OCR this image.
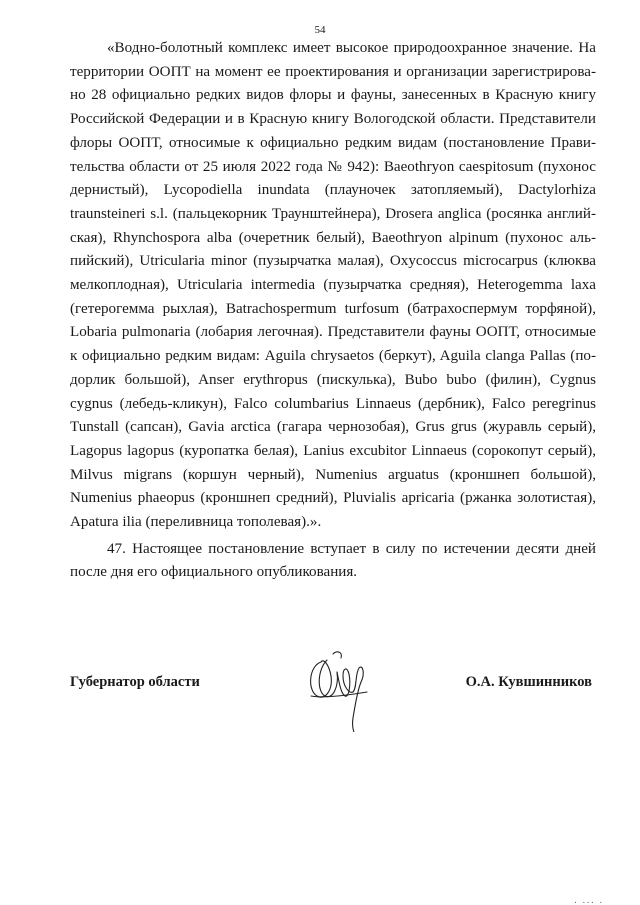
54

«Водно-болотный комплекс имеет высокое природоохранное значение. На территории ООПТ на момент ее проектирования и организации зарегистрировано 28 официально редких видов флоры и фауны, занесенных в Красную книгу Российской Федерации и в Красную книгу Вологодской области. Представители флоры ООПТ, относимые к официально редким видам (постановление Правительства области от 25 июля 2022 года № 942): Baeothryon caespitosum (пухонос дернистый), Lycopodiella inundata (плауночек затопляемый), Dactylorhiza traunsteineri s.l. (пальцекорник Траунштейнера), Drosera anglica (росянка английская), Rhynchospora alba (очеретник белый), Baeothryon alpinum (пухонос альпийский), Utricularia minor (пузырчатка малая), Oxycoccus microcarpus (клюква мелкоплодная), Utricularia intermedia (пузырчатка средняя), Heterogemma laxa (гетерогемма рыхлая), Batrachospermum turfosum (батрахоспермум торфяной), Lobaria pulmonaria (лобария легочная). Представители фауны ООПТ, относимые к официально редким видам: Aguila chrysaetos (беркут), Aguila clanga Pallas (подорлик большой), Anser erythropus (пискулька), Bubo bubo (филин), Cygnus cygnus (лебедь-кликун), Falco columbarius Linnaeus (дербник), Falco peregrinus Tunstall (сапсан), Gavia arctica (гагара чернозобая), Grus grus (журавль серый), Lagopus lagopus (куропатка белая), Lanius excubitor Linnaeus (сорокопут серый), Milvus migrans (коршун черный), Numenius arguatus (кроншнеп большой), Numenius phaeopus (кроншнеп средний), Pluvialis apricaria (ржанка золотистая), Apatura ilia (переливница тополевая).».

47. Настоящее постановление вступает в силу по истечении десяти дней после дня его официального опубликования.

Губернатор области	О.А. Кувшинников
. ... .
